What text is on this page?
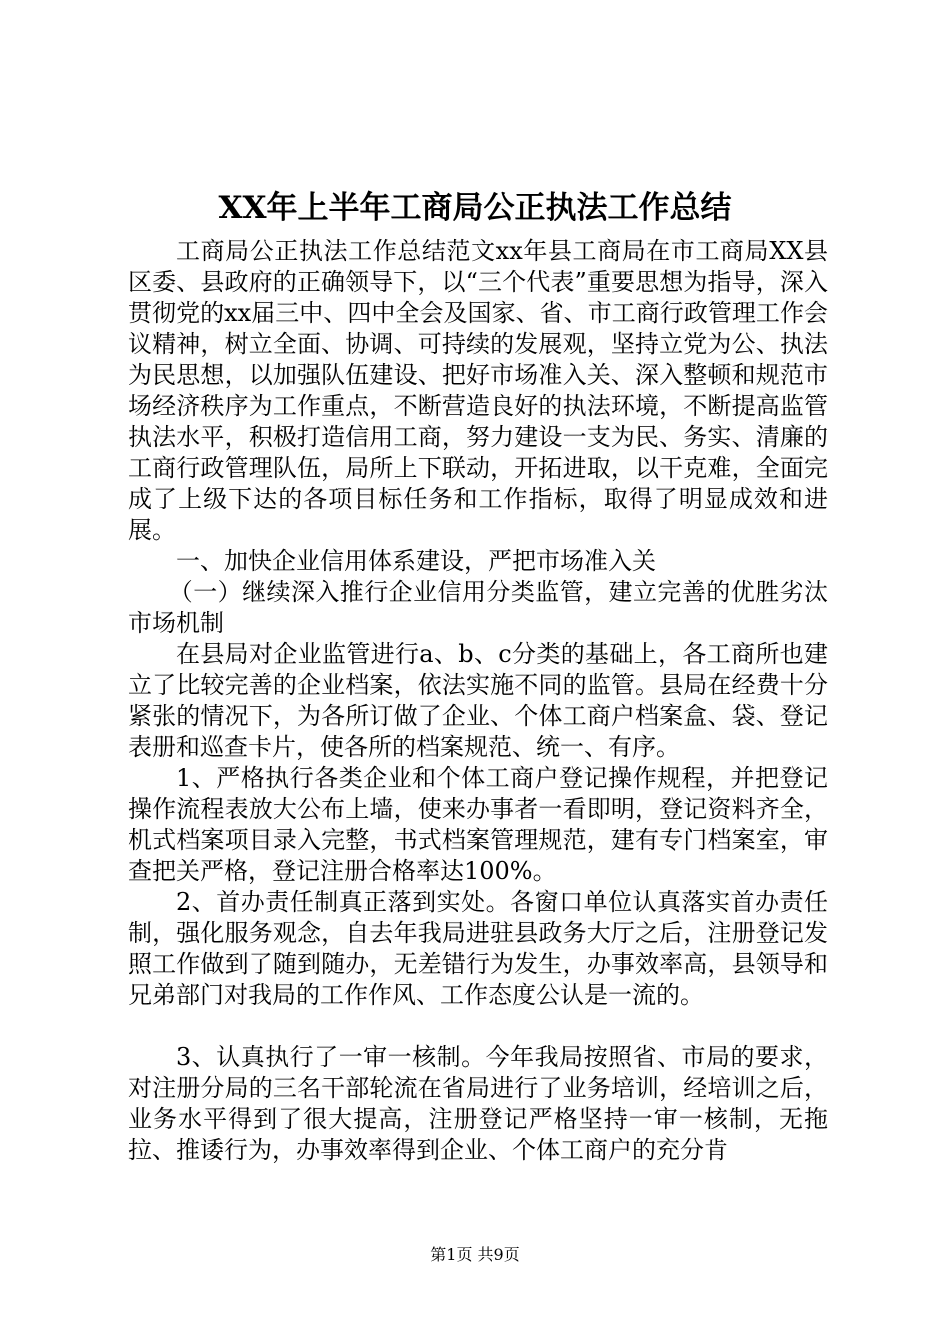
XX年上半年工商局公正执法工作总结

工商局公正执法工作总结范文xx年县工商局在市工商局XX县区委、县政府的正确领导下，以“三个代表”重要思想为指导，深入贯彻党的xx届三中、四中全会及国家、省、市工商行政管理工作会议精神，树立全面、协调、可持续的发展观，坚持立党为公、执法为民思想，以加强队伍建设、把好市场准入关、深入整顿和规范市场经济秩序为工作重点，不断营造良好的执法环境，不断提高监管执法水平，积极打造信用工商，努力建设一支为民、务实、清廉的工商行政管理队伍，局所上下联动，开拓进取，以干克难，全面完成了上级下达的各项目标任务和工作指标，取得了明显成效和进展。

一、加快企业信用体系建设，严把市场准入关

（一）继续深入推行企业信用分类监管，建立完善的优胜劣汰市场机制

在县局对企业监管进行a、b、c分类的基础上，各工商所也建立了比较完善的企业档案，依法实施不同的监管。县局在经费十分紧张的情况下，为各所订做了企业、个体工商户档案盒、袋、登记表册和巡查卡片，使各所的档案规范、统一、有序。

1、严格执行各类企业和个体工商户登记操作规程，并把登记操作流程表放大公布上墙，使来办事者一看即明，登记资料齐全，机式档案项目录入完整，书式档案管理规范，建有专门档案室，审查把关严格，登记注册合格率达100%。

2、首办责任制真正落到实处。各窗口单位认真落实首办责任制，强化服务观念，自去年我局进驻县政务大厅之后，注册登记发照工作做到了随到随办，无差错行为发生，办事效率高，县领导和兄弟部门对我局的工作作风、工作态度公认是一流的。

3、认真执行了一审一核制。今年我局按照省、市局的要求，对注册分局的三名干部轮流在省局进行了业务培训，经培训之后，业务水平得到了很大提高，注册登记严格坚持一审一核制，无拖拉、推诿行为，办事效率得到企业、个体工商户的充分肯

第1页 共9页
